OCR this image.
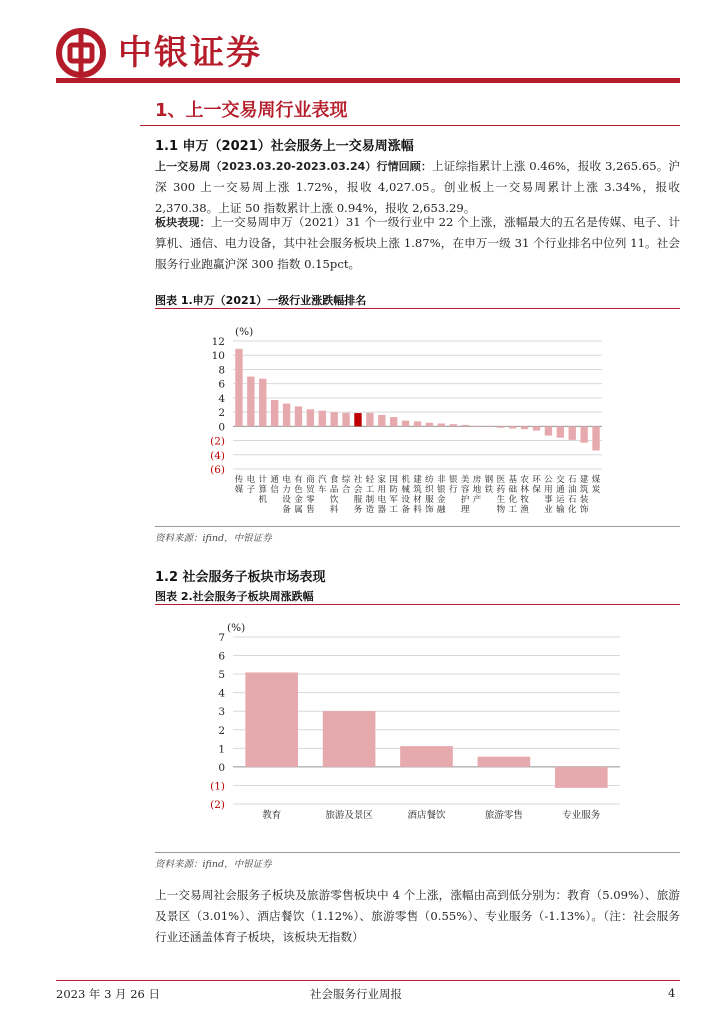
中银证券
1、上一交易周行业表现
1.1 申万（2021）社会服务上一交易周涨幅
上一交易周（2023.03.20-2023.03.24）行情回顾：上证综指累计上涨 0.46%，报收 3,265.65。沪深 300 上一交易周上涨 1.72%，报收 4,027.05。创业板上一交易周累计上涨 3.34%，报收 2,370.38。上证 50 指数累计上涨 0.94%，报收 2,653.29。
板块表现：上一交易周申万（2021）31 个一级行业中 22 个上涨，涨幅最大的五名是传媒、电子、计算机、通信、电力设备，其中社会服务板块上涨 1.87%，在申万一级 31 个行业排名中位列 11。社会服务行业跑赢沪深 300 指数 0.15pct。
图表 1.申万（2021）一级行业涨跌幅排名
12
10
8
6
4
2
0
(2)
(4)
(6)
(%)
传媒
电子
计算机
通信
电力设备
有色金属
商贸零售
汽车
食品饮料
综合
社会服务
轻工制造
家用电器
国防军工
机械设备
建筑材料
纺织服饰
非银金融
银行
美容护理
房地产
钢铁
医药生物
基础化工
农林牧渔
环保
公用事业
交通运输
石油石化
建筑装饰
煤炭
资料来源：ifind，中银证券
1.2 社会服务子板块市场表现
图表 2.社会服务子板块周涨跌幅
7
6
5
4
3
2
1
0
(1)
(2)
(%)
教育	旅游及景区	酒店餐饮	旅游零售	专业服务
资料来源：ifind，中银证券
上一交易周社会服务子板块及旅游零售板块中 4 个上涨，涨幅由高到低分别为：教育（5.09%）、旅游及景区（3.01%）、酒店餐饮（1.12%）、旅游零售（0.55%）、专业服务（-1.13%）。（注：社会服务行业还涵盖体育子板块，该板块无指数）
2023 年 3 月 26 日	社会服务行业周报	4
